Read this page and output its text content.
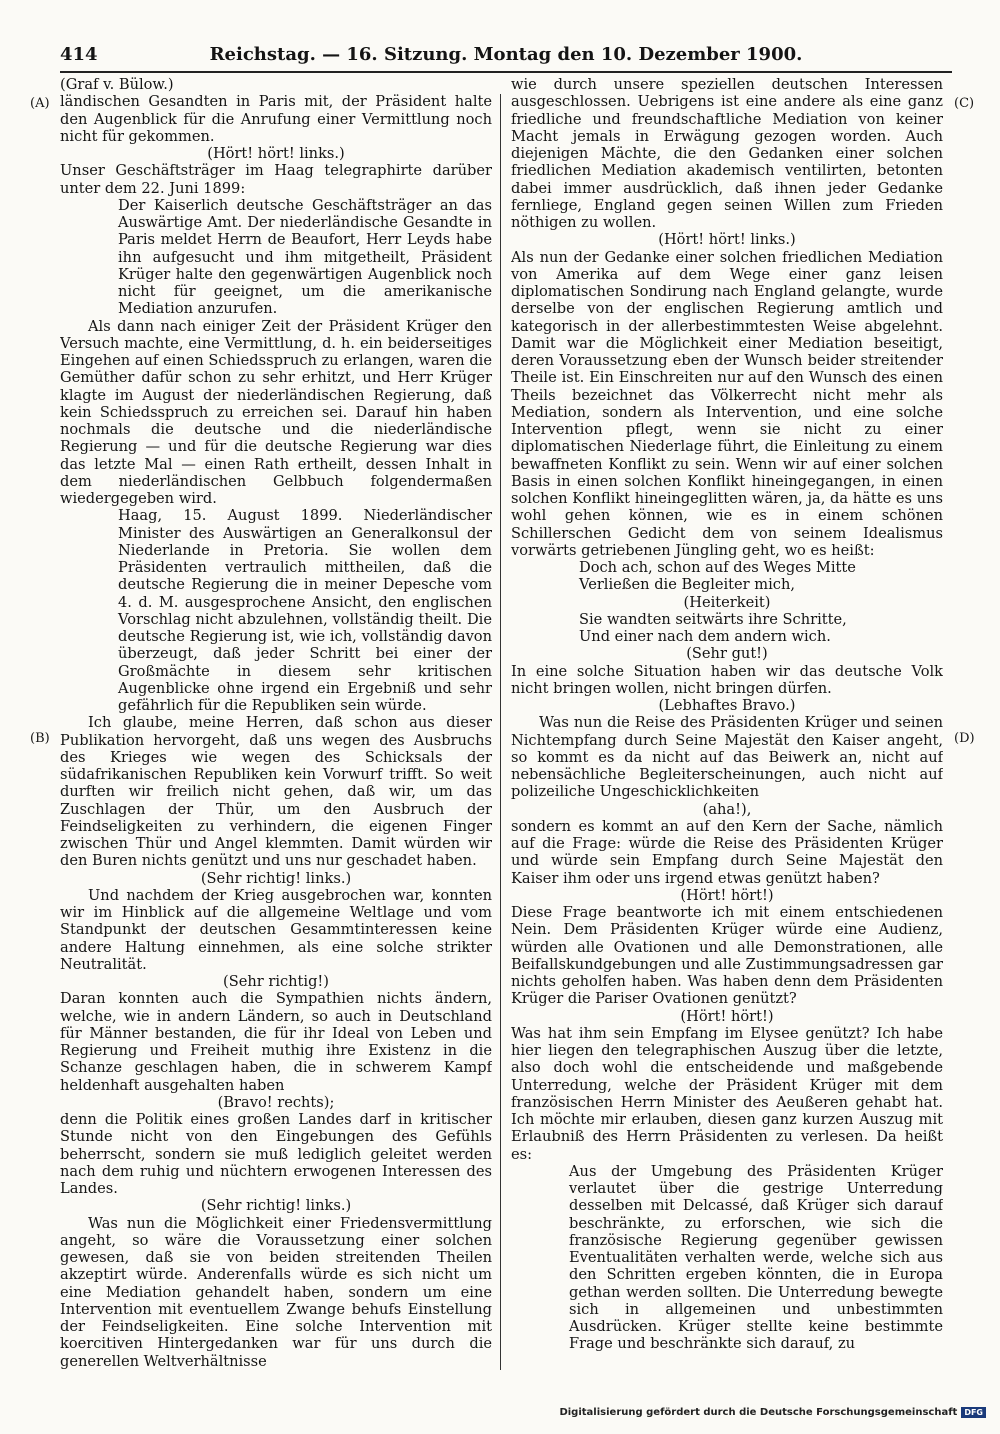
414	Reichstag. — 16. Sitzung. Montag den 10. Dezember 1900.
(A)
(B)
(C)
(D)

(Graf v. Bülow.)

ländischen Gesandten in Paris mit, der Präsident halte den Augenblick für die Anrufung einer Vermittlung noch nicht für gekommen.

(Hört! hört! links.)

Unser Geschäftsträger im Haag telegraphirte darüber unter dem 22. Juni 1899:

Der Kaiserlich deutsche Geschäftsträger an das Auswärtige Amt. Der niederländische Gesandte in Paris meldet Herrn de Beaufort, Herr Leyds habe ihn aufgesucht und ihm mitgetheilt, Präsident Krüger halte den gegenwärtigen Augenblick noch nicht für geeignet, um die amerikanische Mediation anzurufen.

Als dann nach einiger Zeit der Präsident Krüger den Versuch machte, eine Vermittlung, d. h. ein beiderseitiges Eingehen auf einen Schiedsspruch zu erlangen, waren die Gemüther dafür schon zu sehr erhitzt, und Herr Krüger klagte im August der niederländischen Regierung, daß kein Schiedsspruch zu erreichen sei. Darauf hin haben nochmals die deutsche und die niederländische Regierung — und für die deutsche Regierung war dies das letzte Mal — einen Rath ertheilt, dessen Inhalt in dem niederländischen Gelbbuch folgendermaßen wiedergegeben wird.

Haag, 15. August 1899. Niederländischer Minister des Auswärtigen an Generalkonsul der Niederlande in Pretoria. Sie wollen dem Präsidenten vertraulich mittheilen, daß die deutsche Regierung die in meiner Depesche vom 4. d. M. ausgesprochene Ansicht, den englischen Vorschlag nicht abzulehnen, vollständig theilt. Die deutsche Regierung ist, wie ich, vollständig davon überzeugt, daß jeder Schritt bei einer der Großmächte in diesem sehr kritischen Augenblicke ohne irgend ein Ergebniß und sehr gefährlich für die Republiken sein würde.

Ich glaube, meine Herren, daß schon aus dieser Publikation hervorgeht, daß uns wegen des Ausbruchs des Krieges wie wegen des Schicksals der südafrikanischen Republiken kein Vorwurf trifft. So weit durften wir freilich nicht gehen, daß wir, um das Zuschlagen der Thür, um den Ausbruch der Feindseligkeiten zu verhindern, die eigenen Finger zwischen Thür und Angel klemmten. Damit würden wir den Buren nichts genützt und uns nur geschadet haben.

(Sehr richtig! links.)

Und nachdem der Krieg ausgebrochen war, konnten wir im Hinblick auf die allgemeine Weltlage und vom Standpunkt der deutschen Gesammtinteressen keine andere Haltung einnehmen, als eine solche strikter Neutralität.

(Sehr richtig!)

Daran konnten auch die Sympathien nichts ändern, welche, wie in andern Ländern, so auch in Deutschland für Männer bestanden, die für ihr Ideal von Leben und Regierung und Freiheit muthig ihre Existenz in die Schanze geschlagen haben, die in schwerem Kampf heldenhaft ausgehalten haben

(Bravo! rechts);

denn die Politik eines großen Landes darf in kritischer Stunde nicht von den Eingebungen des Gefühls beherrscht, sondern sie muß lediglich geleitet werden nach dem ruhig und nüchtern erwogenen Interessen des Landes.

(Sehr richtig! links.)

Was nun die Möglichkeit einer Friedensvermittlung angeht, so wäre die Voraussetzung einer solchen gewesen, daß sie von beiden streitenden Theilen akzeptirt würde. Anderenfalls würde es sich nicht um eine Mediation gehandelt haben, sondern um eine Intervention mit eventuellem Zwange behufs Einstellung der Feindseligkeiten. Eine solche Intervention mit koercitiven Hintergedanken war für uns durch die generellen Weltverhältnisse

wie durch unsere speziellen deutschen Interessen ausgeschlossen. Uebrigens ist eine andere als eine ganz friedliche und freundschaftliche Mediation von keiner Macht jemals in Erwägung gezogen worden. Auch diejenigen Mächte, die den Gedanken einer solchen friedlichen Mediation akademisch ventilirten, betonten dabei immer ausdrücklich, daß ihnen jeder Gedanke fernliege, England gegen seinen Willen zum Frieden nöthigen zu wollen.

(Hört! hört! links.)

Als nun der Gedanke einer solchen friedlichen Mediation von Amerika auf dem Wege einer ganz leisen diplomatischen Sondirung nach England gelangte, wurde derselbe von der englischen Regierung amtlich und kategorisch in der allerbestimmtesten Weise abgelehnt. Damit war die Möglichkeit einer Mediation beseitigt, deren Voraussetzung eben der Wunsch beider streitender Theile ist. Ein Einschreiten nur auf den Wunsch des einen Theils bezeichnet das Völkerrecht nicht mehr als Mediation, sondern als Intervention, und eine solche Intervention pflegt, wenn sie nicht zu einer diplomatischen Niederlage führt, die Einleitung zu einem bewaffneten Konflikt zu sein. Wenn wir auf einer solchen Basis in einen solchen Konflikt hineingegangen, in einen solchen Konflikt hineingeglitten wären, ja, da hätte es uns wohl gehen können, wie es in einem schönen Schillerschen Gedicht dem von seinem Idealismus vorwärts getriebenen Jüngling geht, wo es heißt:

Doch ach, schon auf des Weges Mitte

Verließen die Begleiter mich,

(Heiterkeit)

Sie wandten seitwärts ihre Schritte,

Und einer nach dem andern wich.

(Sehr gut!)

In eine solche Situation haben wir das deutsche Volk nicht bringen wollen, nicht bringen dürfen.

(Lebhaftes Bravo.)

Was nun die Reise des Präsidenten Krüger und seinen Nichtempfang durch Seine Majestät den Kaiser angeht, so kommt es da nicht auf das Beiwerk an, nicht auf nebensächliche Begleiterscheinungen, auch nicht auf polizeiliche Ungeschicklichkeiten

(aha!),

sondern es kommt an auf den Kern der Sache, nämlich auf die Frage: würde die Reise des Präsidenten Krüger und würde sein Empfang durch Seine Majestät den Kaiser ihm oder uns irgend etwas genützt haben?

(Hört! hört!)

Diese Frage beantworte ich mit einem entschiedenen Nein. Dem Präsidenten Krüger würde eine Audienz, würden alle Ovationen und alle Demonstrationen, alle Beifallskundgebungen und alle Zustimmungsadressen gar nichts geholfen haben. Was haben denn dem Präsidenten Krüger die Pariser Ovationen genützt?

(Hört! hört!)

Was hat ihm sein Empfang im Elysee genützt? Ich habe hier liegen den telegraphischen Auszug über die letzte, also doch wohl die entscheidende und maßgebende Unterredung, welche der Präsident Krüger mit dem französischen Herrn Minister des Aeußeren gehabt hat. Ich möchte mir erlauben, diesen ganz kurzen Auszug mit Erlaubniß des Herrn Präsidenten zu verlesen. Da heißt es:

Aus der Umgebung des Präsidenten Krüger verlautet über die gestrige Unterredung desselben mit Delcassé, daß Krüger sich darauf beschränkte, zu erforschen, wie sich die französische Regierung gegenüber gewissen Eventualitäten verhalten werde, welche sich aus den Schritten ergeben könnten, die in Europa gethan werden sollten. Die Unterredung bewegte sich in allgemeinen und unbestimmten Ausdrücken. Krüger stellte keine bestimmte Frage und beschränkte sich darauf, zu

Digitalisierung gefördert durch die Deutsche Forschungsgemeinschaft DFG
